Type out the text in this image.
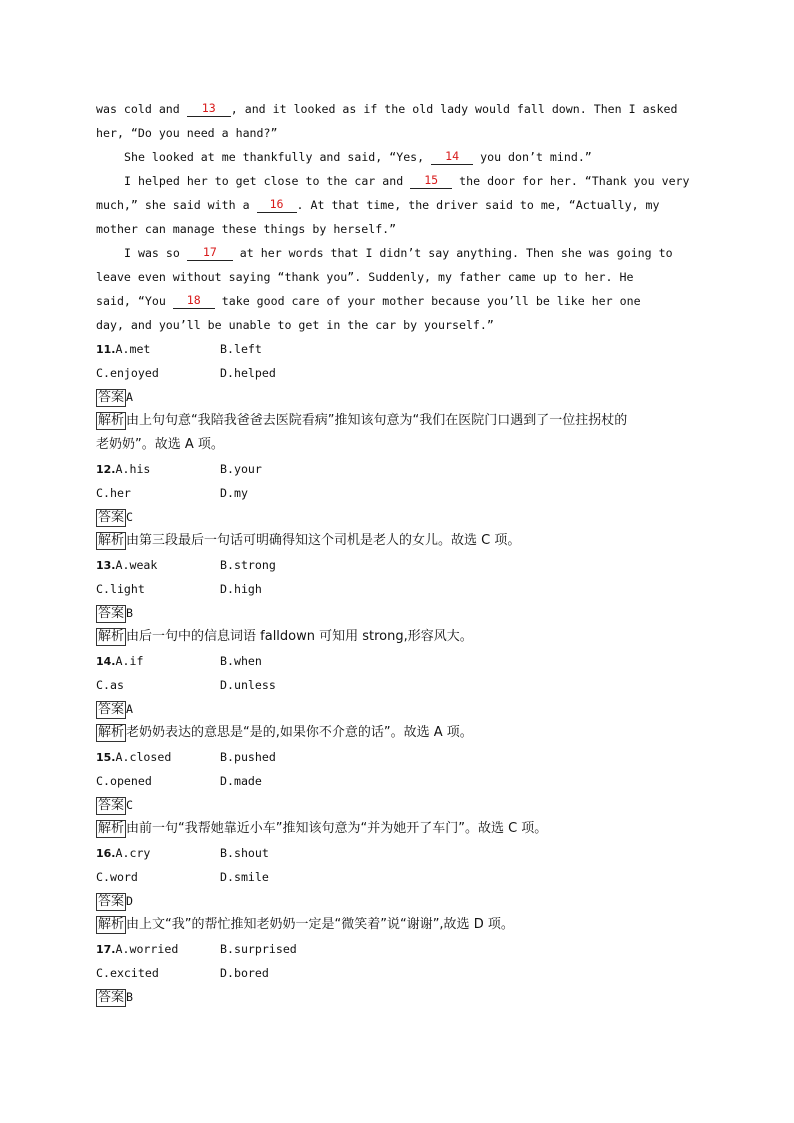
was cold and 13 , and it looked as if the old lady would fall down. Then I asked
her, “Do you need a hand?”
She looked at me thankfully and said, “Yes, 14 you don’t mind.”
I helped her to get close to the car and 15 the door for her. “Thank you very
much,” she said with a 16 . At that time, the driver said to me, “Actually, my
mother can manage these things by herself.”
I was so 17 at her words that I didn’t say anything. Then she was going to
leave even without saying “thank you”. Suddenly, my father came up to her. He
said, “You 18 take good care of your mother because you’ll be like her one
day, and you’ll be unable to get in the car by yourself.”
11.A.met	B.left
C.enjoyed	D.helped
答案 A
解析 由上句句意“我陪我爸爸去医院看病”推知该句意为“我们在医院门口遇到了一位拄拐杖的
老奶奶”。故选 A 项。
12.A.his	B.your
C.her	D.my
答案 C
解析 由第三段最后一句话可明确得知这个司机是老人的女儿。故选 C 项。
13.A.weak	B.strong
C.light	D.high
答案 B
解析 由后一句中的信息词语 falldown 可知用 strong,形容风大。
14.A.if	B.when
C.as	D.unless
答案 A
解析 老奶奶表达的意思是“是的,如果你不介意的话”。故选 A 项。
15.A.closed	B.pushed
C.opened	D.made
答案 C
解析 由前一句“我帮她靠近小车”推知该句意为“并为她开了车门”。故选 C 项。
16.A.cry	B.shout
C.word	D.smile
答案 D
解析 由上文“我”的帮忙推知老奶奶一定是“微笑着”说“谢谢”,故选 D 项。
17.A.worried	B.surprised
C.excited	D.bored
答案 B
